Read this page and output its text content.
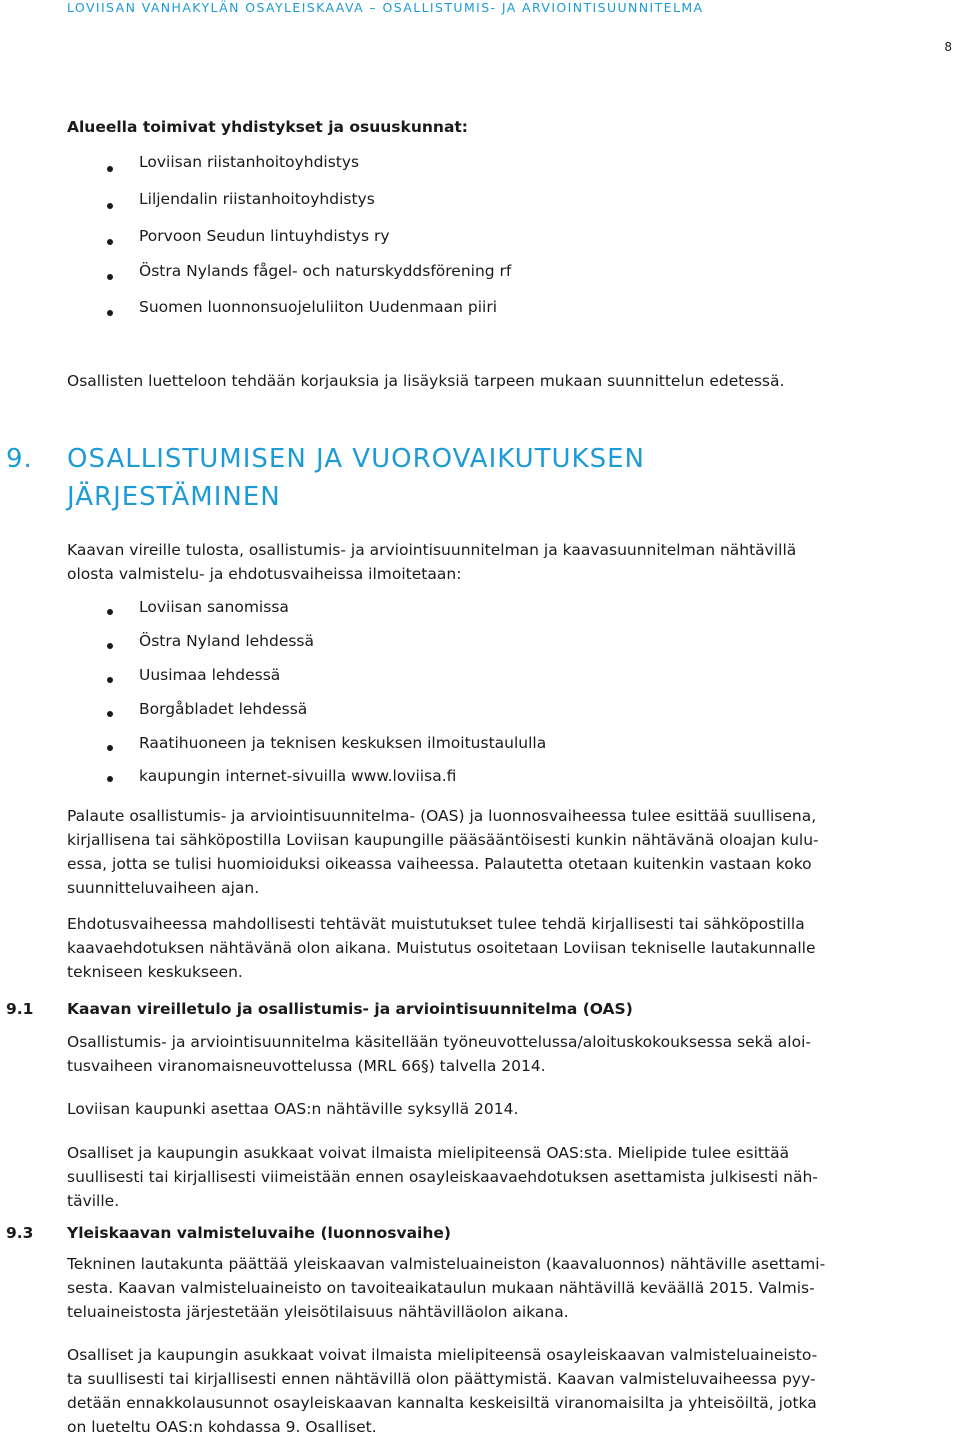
LOVIISAN VANHAKYLÄN OSAYLEISKAAVA – OSALLISTUMIS- JA ARVIOINTISUUNNITELMA
8
Alueella toimivat yhdistykset ja osuuskunnat:
Loviisan riistanhoitoyhdistys
Liljendalin riistanhoitoyhdistys
Porvoon Seudun lintuyhdistys ry
Östra Nylands fågel- och naturskyddsförening rf
Suomen luonnonsuojeluliiton Uudenmaan piiri
Osallisten luetteloon tehdään korjauksia ja lisäyksiä tarpeen mukaan suunnittelun edetessä.
9. OSALLISTUMISEN JA VUOROVAIKUTUKSEN
JÄRJESTÄMINEN
Kaavan vireille tulosta, osallistumis- ja arviointisuunnitelman ja kaavasuunnitelman nähtävillä
olosta valmistelu- ja ehdotusvaiheissa ilmoitetaan:
Loviisan sanomissa
Östra Nyland lehdessä
Uusimaa lehdessä
Borgåbladet lehdessä
Raatihuoneen ja teknisen keskuksen ilmoitustaululla
kaupungin internet-sivuilla www.loviisa.fi
Palaute osallistumis- ja arviointisuunnitelma- (OAS) ja luonnosvaiheessa tulee esittää suullisena,
kirjallisena tai sähköpostilla Loviisan kaupungille pääsääntöisesti kunkin nähtävänä oloajan kulu-
essa, jotta se tulisi huomioiduksi oikeassa vaiheessa. Palautetta otetaan kuitenkin vastaan koko
suunnitteluvaiheen ajan.
Ehdotusvaiheessa mahdollisesti tehtävät muistutukset tulee tehdä kirjallisesti tai sähköpostilla
kaavaehdotuksen nähtävänä olon aikana. Muistutus osoitetaan Loviisan tekniselle lautakunnalle
tekniseen keskukseen.
9.1 Kaavan vireilletulo ja osallistumis- ja arviointisuunnitelma (OAS)
Osallistumis- ja arviointisuunnitelma käsitellään työneuvottelussa/aloituskokouksessa sekä aloi-
tusvaiheen viranomaisneuvottelussa (MRL 66§) talvella 2014.
Loviisan kaupunki asettaa OAS:n nähtäville syksyllä 2014.
Osalliset ja kaupungin asukkaat voivat ilmaista mielipiteensä OAS:sta. Mielipide tulee esittää
suullisesti tai kirjallisesti viimeistään ennen osayleiskaavaehdotuksen asettamista julkisesti näh-
täville.
9.3 Yleiskaavan valmisteluvaihe (luonnosvaihe)
Tekninen lautakunta päättää yleiskaavan valmisteluaineiston (kaavaluonnos) nähtäville asettami-
sesta. Kaavan valmisteluaineisto on tavoiteaikataulun mukaan nähtävillä keväällä 2015. Valmis-
teluaineistosta järjestetään yleisötilaisuus nähtävilläolon aikana.
Osalliset ja kaupungin asukkaat voivat ilmaista mielipiteensä osayleiskaavan valmisteluaineisto-
ta suullisesti tai kirjallisesti ennen nähtävillä olon päättymistä. Kaavan valmisteluvaiheessa pyy-
detään ennakkolausunnot osayleiskaavan kannalta keskeisiltä viranomaisilta ja yhteisöiltä, jotka
on lueteltu OAS:n kohdassa 9. Osalliset.
